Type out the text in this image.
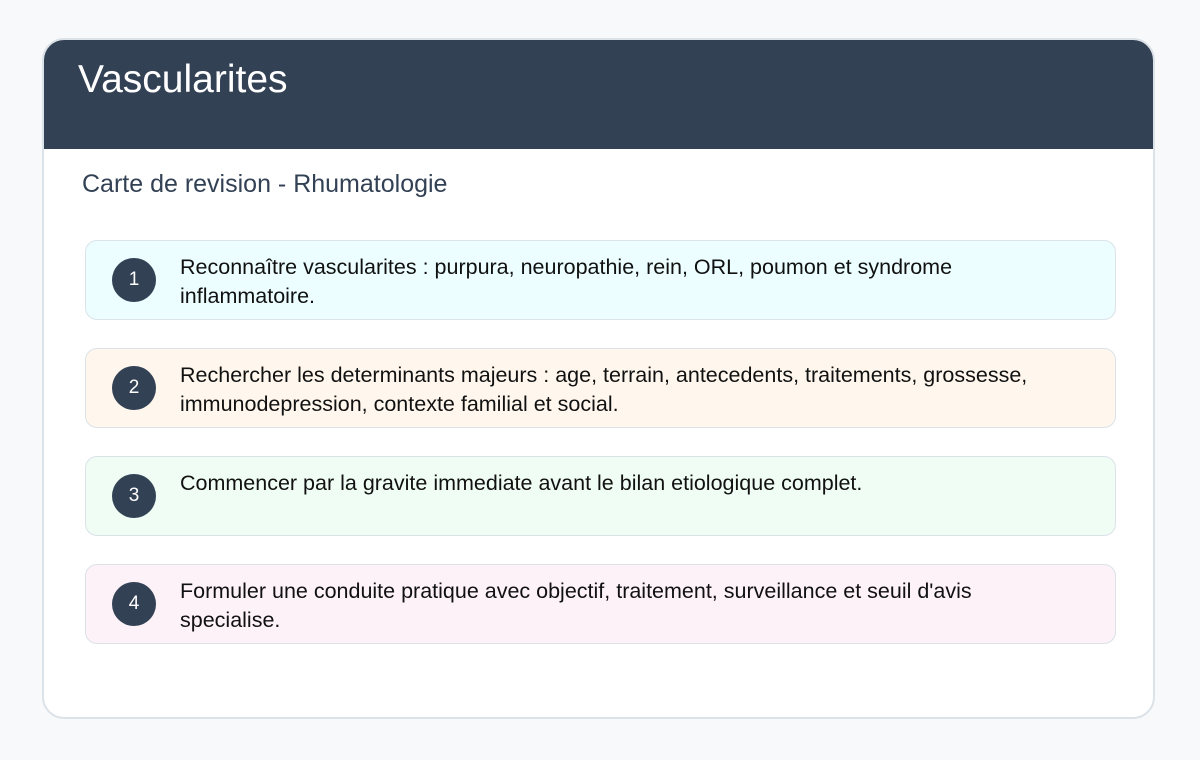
Vascularites

Carte de revision - Rhumatologie

1

Reconnaître vascularites : purpura, neuropathie, rein, ORL, poumon et syndrome inflammatoire.

2

Rechercher les determinants majeurs : age, terrain, antecedents, traitements, grossesse, immunodepression, contexte familial et social.

3

Commencer par la gravite immediate avant le bilan etiologique complet.

4

Formuler une conduite pratique avec objectif, traitement, surveillance et seuil d'avis specialise.
